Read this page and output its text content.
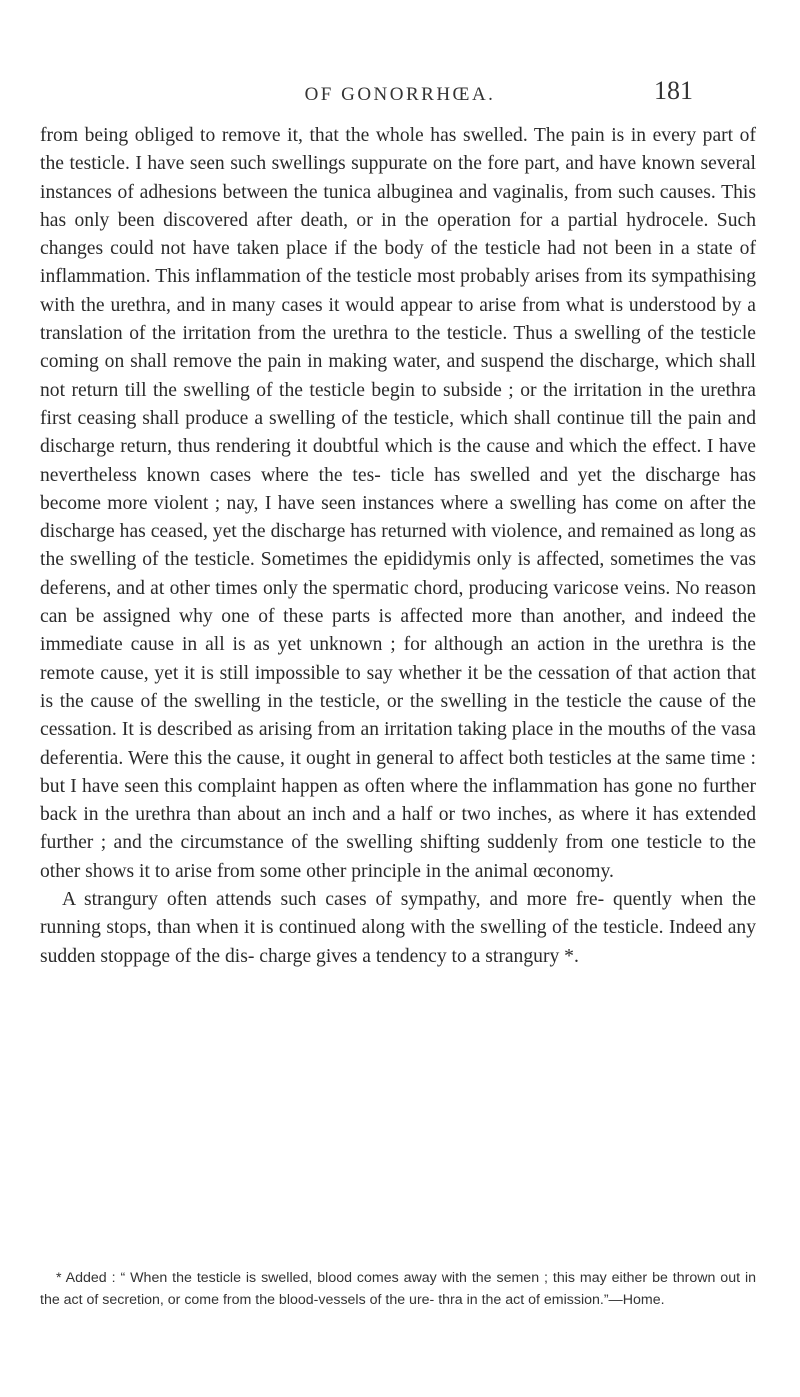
OF GONORRHŒA.	181

from being obliged to remove it, that the whole has swelled. The pain is in every part of the testicle. I have seen such swellings suppurate on the fore part, and have known several instances of adhesions between the tunica albuginea and vaginalis, from such causes. This has only been discovered after death, or in the operation for a partial hydrocele. Such changes could not have taken place if the body of the testicle had not been in a state of inflammation. This inflammation of the testicle most probably arises from its sympathising with the urethra, and in many cases it would appear to arise from what is understood by a translation of the irritation from the urethra to the testicle. Thus a swelling of the testicle coming on shall remove the pain in making water, and suspend the discharge, which shall not return till the swelling of the testicle begin to subside ; or the irritation in the urethra first ceasing shall produce a swelling of the testicle, which shall continue till the pain and discharge return, thus rendering it doubtful which is the cause and which the effect. I have nevertheless known cases where the tes- ticle has swelled and yet the discharge has become more violent ; nay, I have seen instances where a swelling has come on after the discharge has ceased, yet the discharge has returned with violence, and remained as long as the swelling of the testicle. Sometimes the epididymis only is affected, sometimes the vas deferens, and at other times only the spermatic chord, producing varicose veins. No reason can be assigned why one of these parts is affected more than another, and indeed the immediate cause in all is as yet unknown ; for although an action in the urethra is the remote cause, yet it is still impossible to say whether it be the cessation of that action that is the cause of the swelling in the testicle, or the swelling in the testicle the cause of the cessation. It is described as arising from an irritation taking place in the mouths of the vasa deferentia. Were this the cause, it ought in general to affect both testicles at the same time : but I have seen this complaint happen as often where the inflammation has gone no further back in the urethra than about an inch and a half or two inches, as where it has extended further ; and the circumstance of the swelling shifting suddenly from one testicle to the other shows it to arise from some other principle in the animal œconomy.

A strangury often attends such cases of sympathy, and more fre- quently when the running stops, than when it is continued along with the swelling of the testicle. Indeed any sudden stoppage of the dis- charge gives a tendency to a strangury *.

* Added : “ When the testicle is swelled, blood comes away with the semen ; this may either be thrown out in the act of secretion, or come from the blood-vessels of the ure- thra in the act of emission.”—Home.
